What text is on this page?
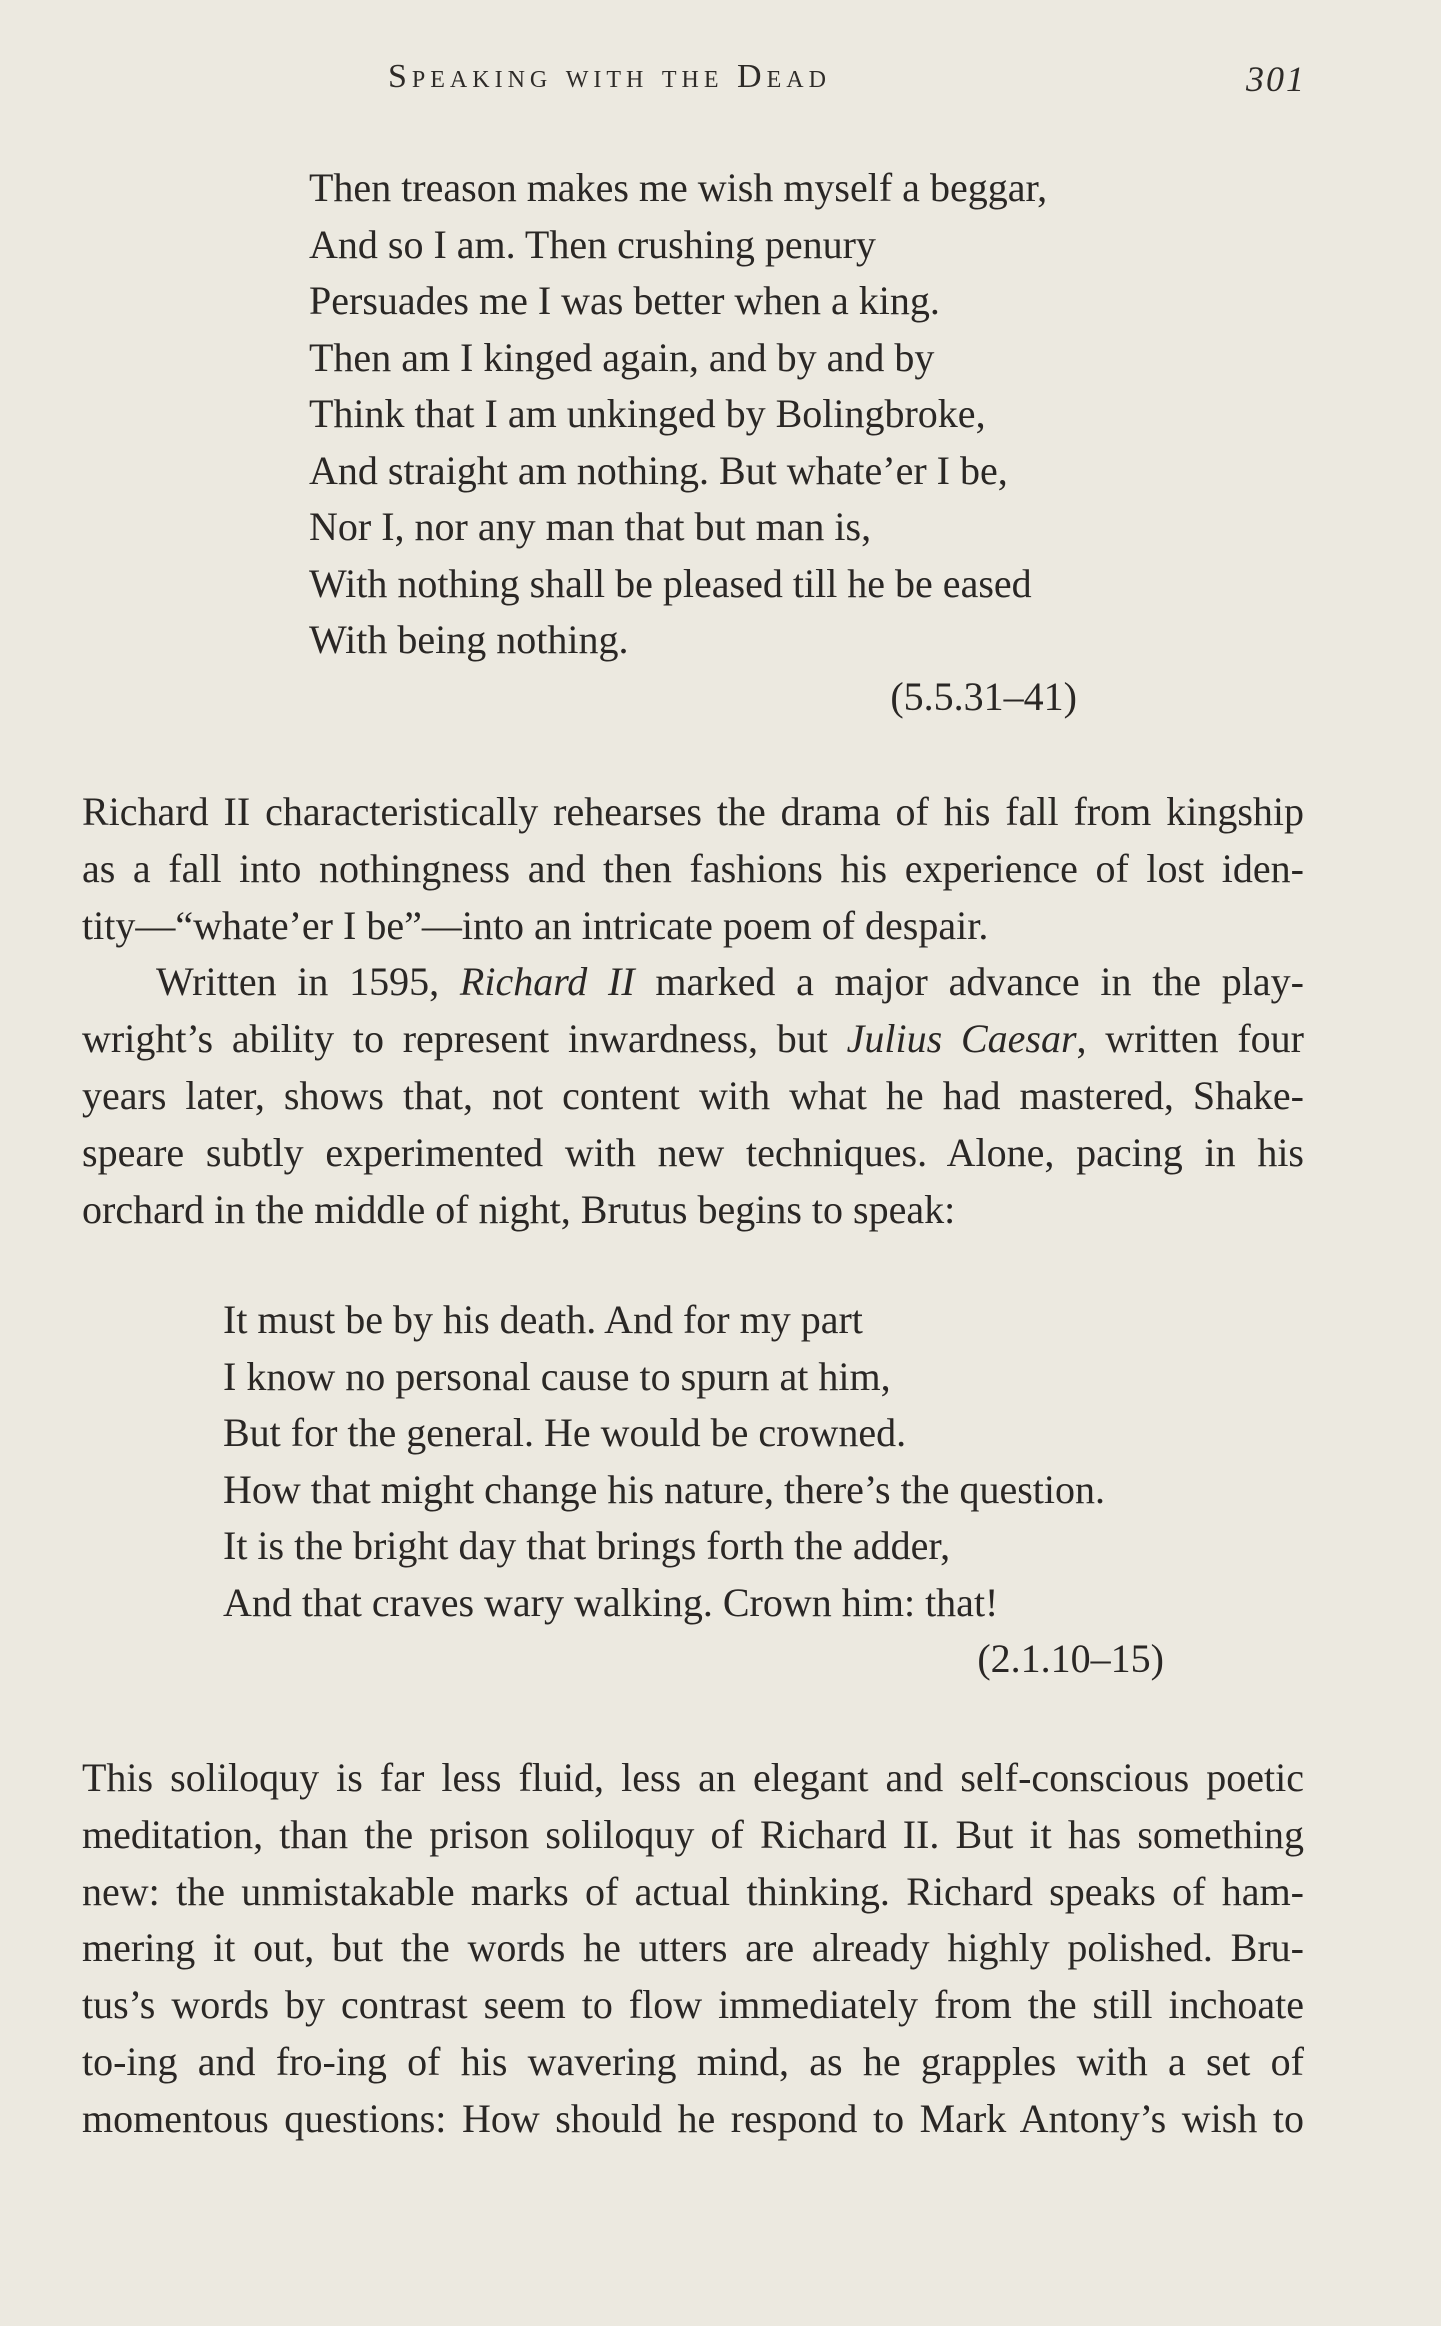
Speaking with the Dead	301
Then treason makes me wish myself a beggar,
And so I am. Then crushing penury
Persuades me I was better when a king.
Then am I kinged again, and by and by
Think that I am unkinged by Bolingbroke,
And straight am nothing. But whate’er I be,
Nor I, nor any man that but man is,
With nothing shall be pleased till he be eased
With being nothing.
(5.5.31–41)
Richard II characteristically rehearses the drama of his fall from kingship
as a fall into nothingness and then fashions his experience of lost iden-
tity—“whate’er I be”—into an intricate poem of despair.
Written in 1595, Richard II marked a major advance in the play-
wright’s ability to represent inwardness, but Julius Caesar, written four
years later, shows that, not content with what he had mastered, Shake-
speare subtly experimented with new techniques. Alone, pacing in his
orchard in the middle of night, Brutus begins to speak:
It must be by his death. And for my part
I know no personal cause to spurn at him,
But for the general. He would be crowned.
How that might change his nature, there’s the question.
It is the bright day that brings forth the adder,
And that craves wary walking. Crown him: that!
(2.1.10–15)
This soliloquy is far less fluid, less an elegant and self-conscious poetic
meditation, than the prison soliloquy of Richard II. But it has something
new: the unmistakable marks of actual thinking. Richard speaks of ham-
mering it out, but the words he utters are already highly polished. Bru-
tus’s words by contrast seem to flow immediately from the still inchoate
to-ing and fro-ing of his wavering mind, as he grapples with a set of
momentous questions: How should he respond to Mark Antony’s wish to
